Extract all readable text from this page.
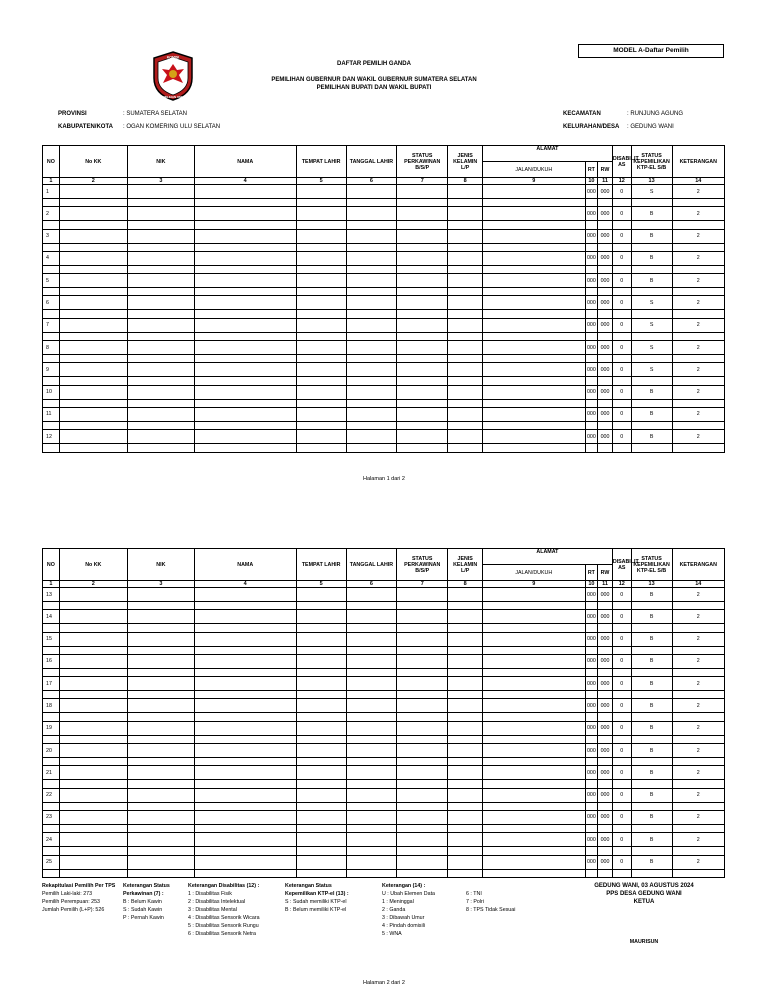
MODEL A-Daftar Pemilih
KOMISI
PEMILIHAN UMUM
DAFTAR PEMILIH GANDA
PEMILIHAN GUBERNUR DAN WAKIL GUBERNUR SUMATERA SELATAN
PEMILIHAN BUPATI DAN WAKIL BUPATI
PROVINSI	: SUMATERA SELATAN
KABUPATEN/KOTA : OGAN KOMERING ULU SELATAN
KECAMATAN	: RUNJUNG AGUNG
KELURAHAN/DESA : GEDUNG WANI
NO	No KK	NIK	NAMA	TEMPAT LAHIR	TANGGAL LAHIR	STATUS PERKAWINAN B/S/P	JENIS KELAMIN L/P	ALAMAT			DISABILIT AS	STATUS KEPEMILIKAN KTP-EL S/B	KETERANGAN
								JALAN/DUKUH	RT	RW			
1	2	3	4	5	6	7	8	9	10	11	12	13	14
1									000	000	0	S	2

2									000	000	0	B	2

3									000	000	0	B	2

4									000	000	0	B	2

5									000	000	0	B	2

6									000	000	0	S	2

7									000	000	0	S	2

8									000	000	0	S	2

9									000	000	0	S	2

10									000	000	0	B	2

11									000	000	0	B	2

12									000	000	0	B	2

Halaman 1 dari 2
NO	No KK	NIK	NAMA	TEMPAT LAHIR	TANGGAL LAHIR	STATUS PERKAWINAN B/S/P	JENIS KELAMIN L/P	ALAMAT			DISABILIT AS	STATUS KEPEMILIKAN KTP-EL S/B	KETERANGAN
								JALAN/DUKUH	RT	RW			
1	2	3	4	5	6	7	8	9	10	11	12	13	14
13									000	000	0	B	2

14									000	000	0	B	2

15									000	000	0	B	2

16									000	000	0	B	2

17									000	000	0	B	2

18									000	000	0	B	2

19									000	000	0	B	2

20									000	000	0	B	2

21									000	000	0	B	2

22									000	000	0	B	2

23									000	000	0	B	2

24									000	000	0	B	2

25									000	000	0	B	2

Rekapitulasi Pemilih Per TPS
Pemilih Laki-laki: 273
Pemilih Perempuan: 253
Jumlah Pemilih (L+P): 526
Keterangan Status
Perkawinan (7) :
B : Belum Kawin
S : Sudah Kawin
P : Pernah Kawin
Keterangan Disabilitas (12) :
1 : Disabilitas Fisik
2 : Disabilitas Intelektual
3 : Disabilitas Mental
4 : Disabilitas Sensorik Wicara
5 : Disabilitas Sensorik Rungu
6 : Disabilitas Sensorik Netra
Keterangan Status
Kepemilikan KTP-el (13) :
S : Sudah memiliki KTP-el
B : Belum memiliki KTP-el
Keterangan (14) :
U : Ubah Elemen Data
1 : Meninggal
2 : Ganda
3 : Dibawah Umur
4 : Pindah domisili
5 : WNA
6 : TNI
7 : Polri
8 : TPS Tidak Sesuai
GEDUNG WANI, 03 AGUSTUS 2024
PPS DESA GEDUNG WANI
KETUA
MAURISUN
Halaman 2 dari 2
